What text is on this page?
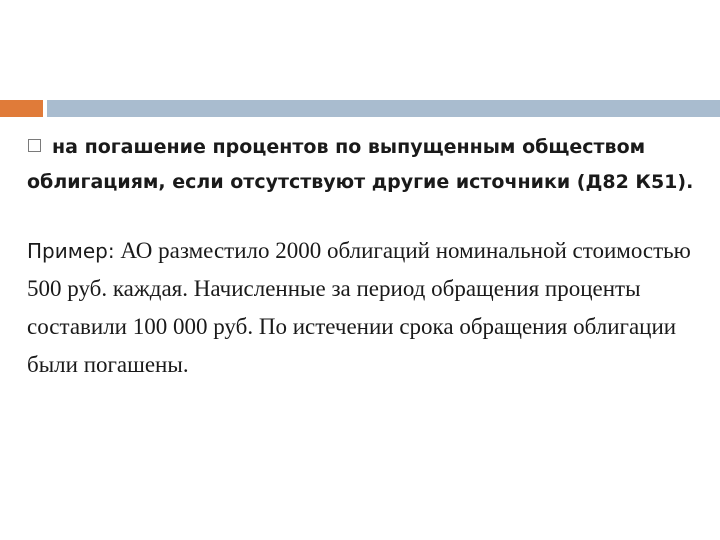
на погашение процентов по выпущенным обществом облигациям, если отсутствуют другие источники (Д82 К51).

Пример: АО разместило 2000 облигаций номинальной стоимостью 500 руб. каждая. Начисленные за период обращения проценты составили 100 000 руб. По истечении срока обращения облигации были погашены.
